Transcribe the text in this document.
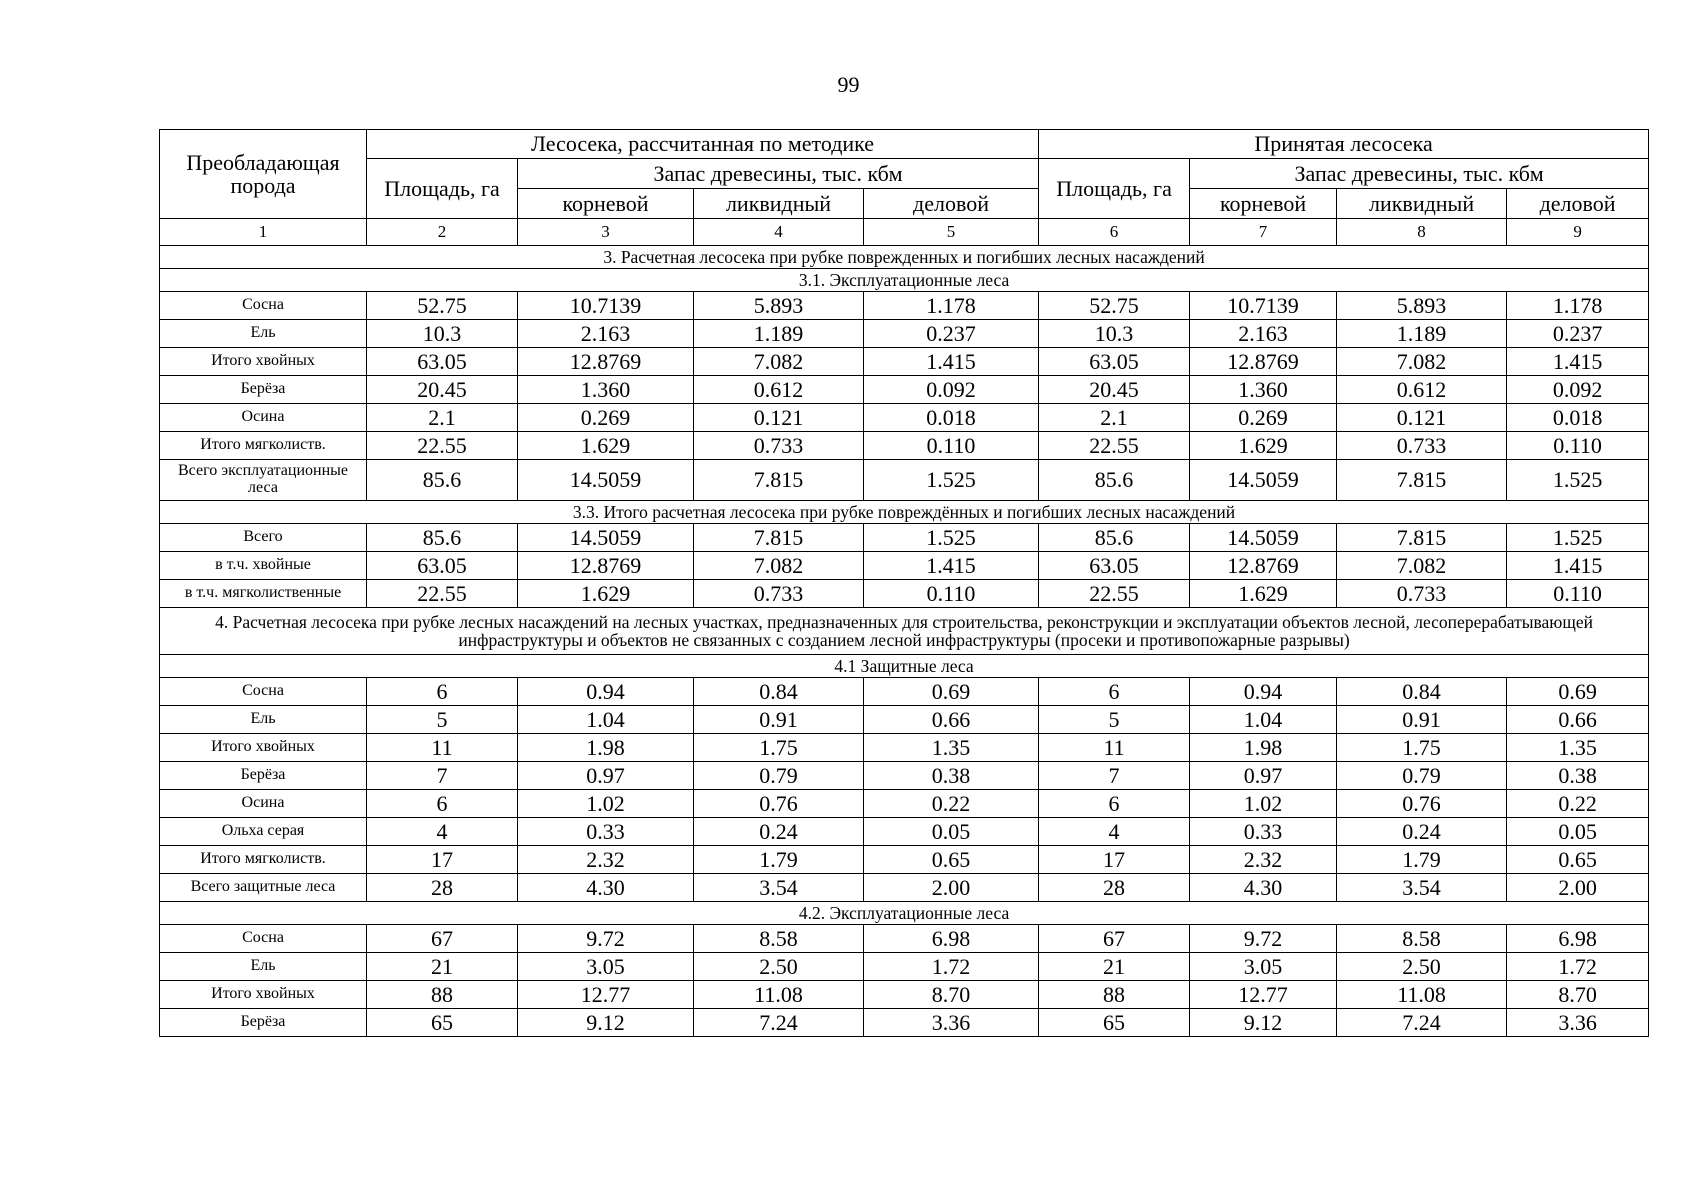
99
Преобладающая порода	Лесосека, рассчитанная по методике				Принятая лесосека			
	Площадь, га	Запас древесины, тыс. кбм			Площадь, га	Запас древесины, тыс. кбм		
		корневой	ликвидный	деловой		корневой	ликвидный	деловой
1	2	3	4	5	6	7	8	9
3. Расчетная лесосека при рубке поврежденных и погибших лесных насаждений								
3.1. Эксплуатационные леса								
Сосна	52.75	10.7139	5.893	1.178	52.75	10.7139	5.893	1.178
Ель	10.3	2.163	1.189	0.237	10.3	2.163	1.189	0.237
Итого хвойных	63.05	12.8769	7.082	1.415	63.05	12.8769	7.082	1.415
Берёза	20.45	1.360	0.612	0.092	20.45	1.360	0.612	0.092
Осина	2.1	0.269	0.121	0.018	2.1	0.269	0.121	0.018
Итого мягколиств.	22.55	1.629	0.733	0.110	22.55	1.629	0.733	0.110
Всего эксплуатационные леса	85.6	14.5059	7.815	1.525	85.6	14.5059	7.815	1.525
3.3. Итого расчетная лесосека при рубке повреждённых и погибших лесных насаждений								
Всего	85.6	14.5059	7.815	1.525	85.6	14.5059	7.815	1.525
в т.ч. хвойные	63.05	12.8769	7.082	1.415	63.05	12.8769	7.082	1.415
в т.ч. мягколиственные	22.55	1.629	0.733	0.110	22.55	1.629	0.733	0.110
4. Расчетная лесосека при рубке лесных насаждений на лесных участках, предназначенных для строительства, реконструкции и эксплуатации объектов лесной, лесоперерабатывающей инфраструктуры и объектов не связанных с созданием лесной инфраструктуры (просеки и противопожарные разрывы)								
4.1 Защитные леса								
Сосна	6	0.94	0.84	0.69	6	0.94	0.84	0.69
Ель	5	1.04	0.91	0.66	5	1.04	0.91	0.66
Итого хвойных	11	1.98	1.75	1.35	11	1.98	1.75	1.35
Берёза	7	0.97	0.79	0.38	7	0.97	0.79	0.38
Осина	6	1.02	0.76	0.22	6	1.02	0.76	0.22
Ольха серая	4	0.33	0.24	0.05	4	0.33	0.24	0.05
Итого мягколиств.	17	2.32	1.79	0.65	17	2.32	1.79	0.65
Всего защитные леса	28	4.30	3.54	2.00	28	4.30	3.54	2.00
4.2. Эксплуатационные леса								
Сосна	67	9.72	8.58	6.98	67	9.72	8.58	6.98
Ель	21	3.05	2.50	1.72	21	3.05	2.50	1.72
Итого хвойных	88	12.77	11.08	8.70	88	12.77	11.08	8.70
Берёза	65	9.12	7.24	3.36	65	9.12	7.24	3.36
